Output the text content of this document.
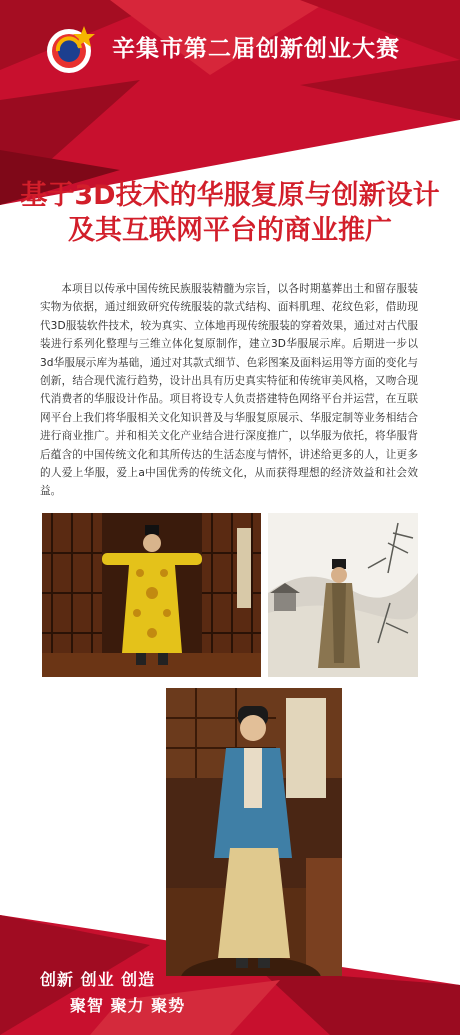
辛集市第二届创新创业大赛
基于3D技术的华服复原与创新设计
及其互联网平台的商业推广
本项目以传承中国传统民族服装精髓为宗旨，以各时期墓葬出土和留存服装实物为依据，通过细致研究传统服装的款式结构、面料肌理、花纹色彩，借助现代3D服装软件技术，较为真实、立体地再现传统服装的穿着效果，通过对古代服装进行系列化整理与三维立体化复原制作，建立3D华服展示库。后期进一步以3d华服展示库为基础，通过对其款式细节、色彩图案及面料运用等方面的变化与创新，结合现代流行趋势，设计出具有历史真实特征和传统审美风格，又吻合现代消费者的华服设计作品。项目将设专人负责搭建特色网络平台并运营，在互联网平台上我们将华服相关文化知识普及与华服复原展示、华服定制等业务相结合进行商业推广。并和相关文化产业结合进行深度推广，以华服为依托，将华服背后蕴含的中国传统文化和其所传达的生活态度与情怀，讲述给更多的人，让更多的人爱上华服，爱上a中国优秀的传统文化，从而获得理想的经济效益和社会效益。
创新 创业 创造
聚智 聚力 聚势
